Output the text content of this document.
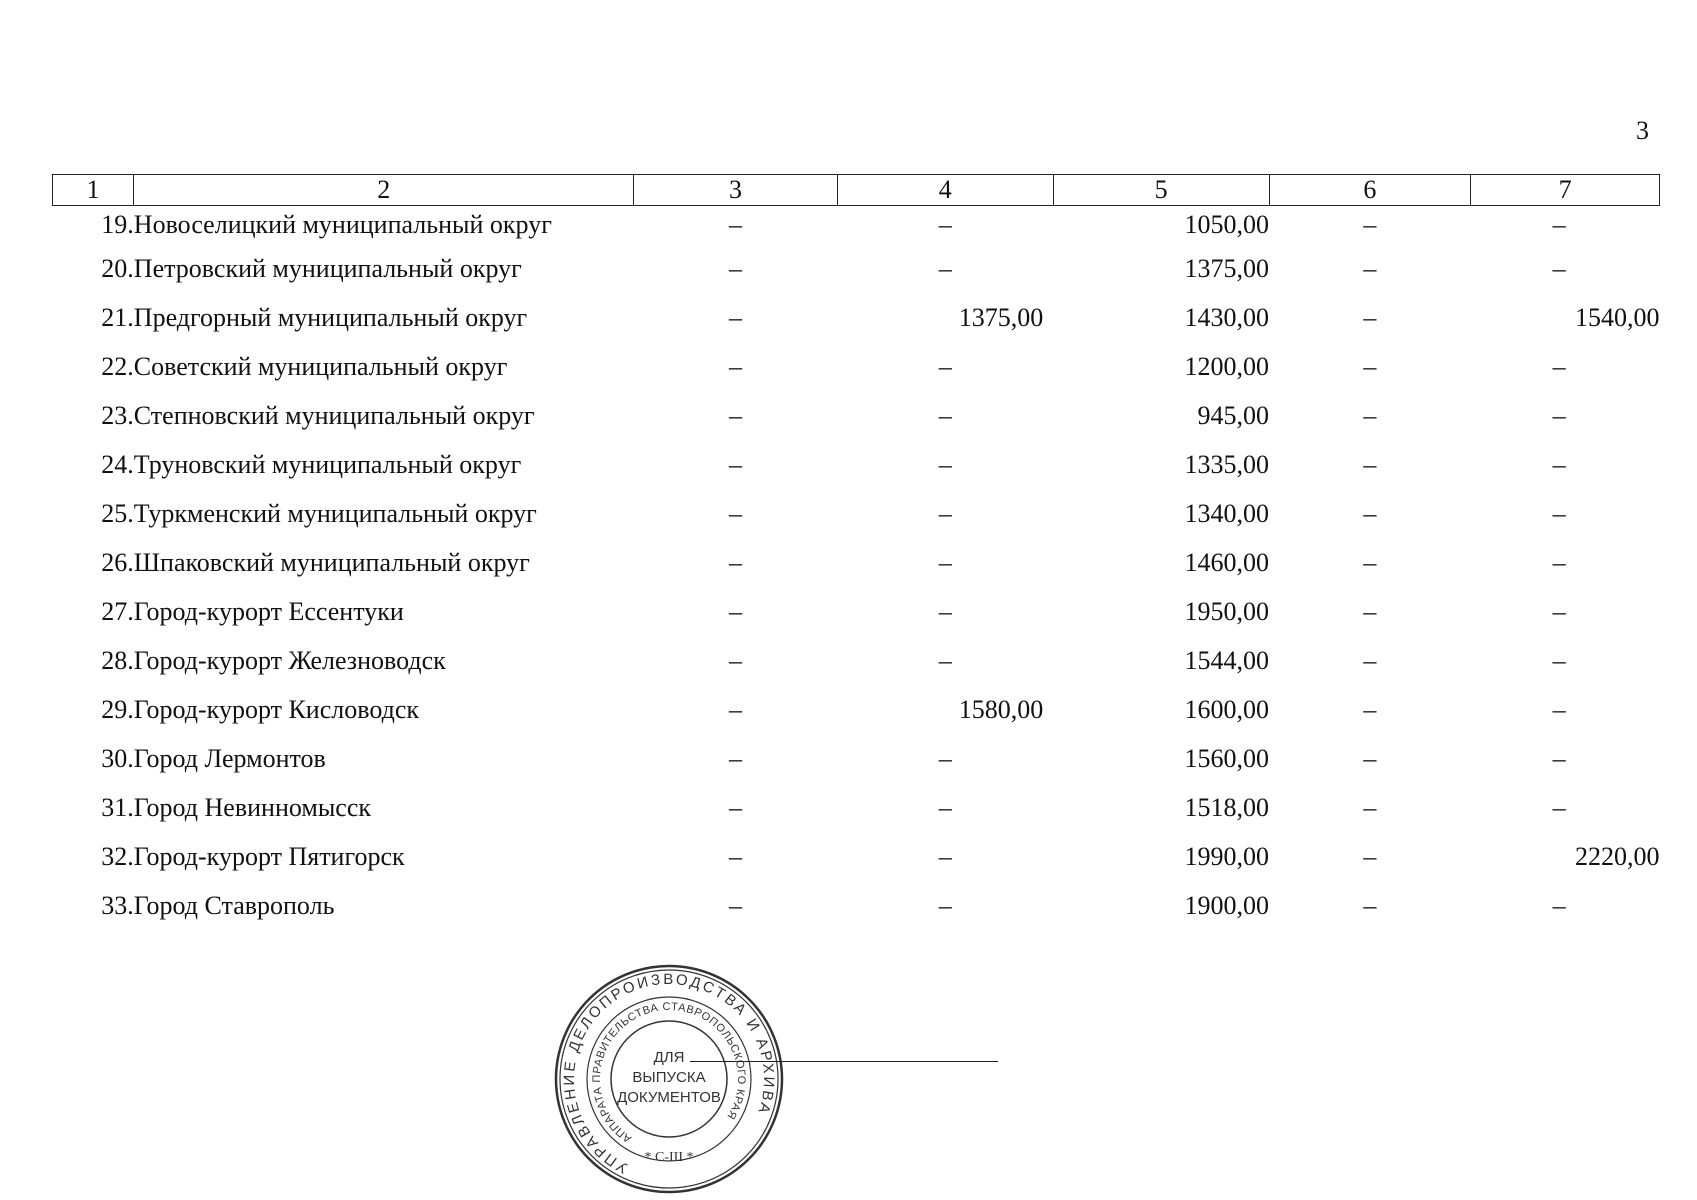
3
1	2	3	4	5	6	7
19.	Новоселицкий муниципальный округ	–	–	1050,00	–	–
20.	Петровский муниципальный округ	–	–	1375,00	–	–
21.	Предгорный муниципальный округ	–	1375,00	1430,00	–	1540,00
22.	Советский муниципальный округ	–	–	1200,00	–	–
23.	Степновский муниципальный округ	–	–	945,00	–	–
24.	Труновский муниципальный округ	–	–	1335,00	–	–
25.	Туркменский муниципальный округ	–	–	1340,00	–	–
26.	Шпаковский муниципальный округ	–	–	1460,00	–	–
27.	Город-курорт Ессентуки	–	–	1950,00	–	–
28.	Город-курорт Железноводск	–	–	1544,00	–	–
29.	Город-курорт Кисловодск	–	1580,00	1600,00	–	–
30.	Город Лермонтов	–	–	1560,00	–	–
31.	Город Невинномысск	–	–	1518,00	–	–
32.	Город-курорт Пятигорск	–	–	1990,00	–	2220,00
33.	Город Ставрополь	–	–	1900,00	–	–
УПРАВЛЕНИЕ ДЕЛОПРОИЗВОДСТВА И АРХИВА
АППАРАТА ПРАВИТЕЛЬСТВА СТАВРОПОЛЬСКОГО КРАЯ
ДЛЯ
ВЫПУСКА
ДОКУМЕНТОВ
* С-III *
